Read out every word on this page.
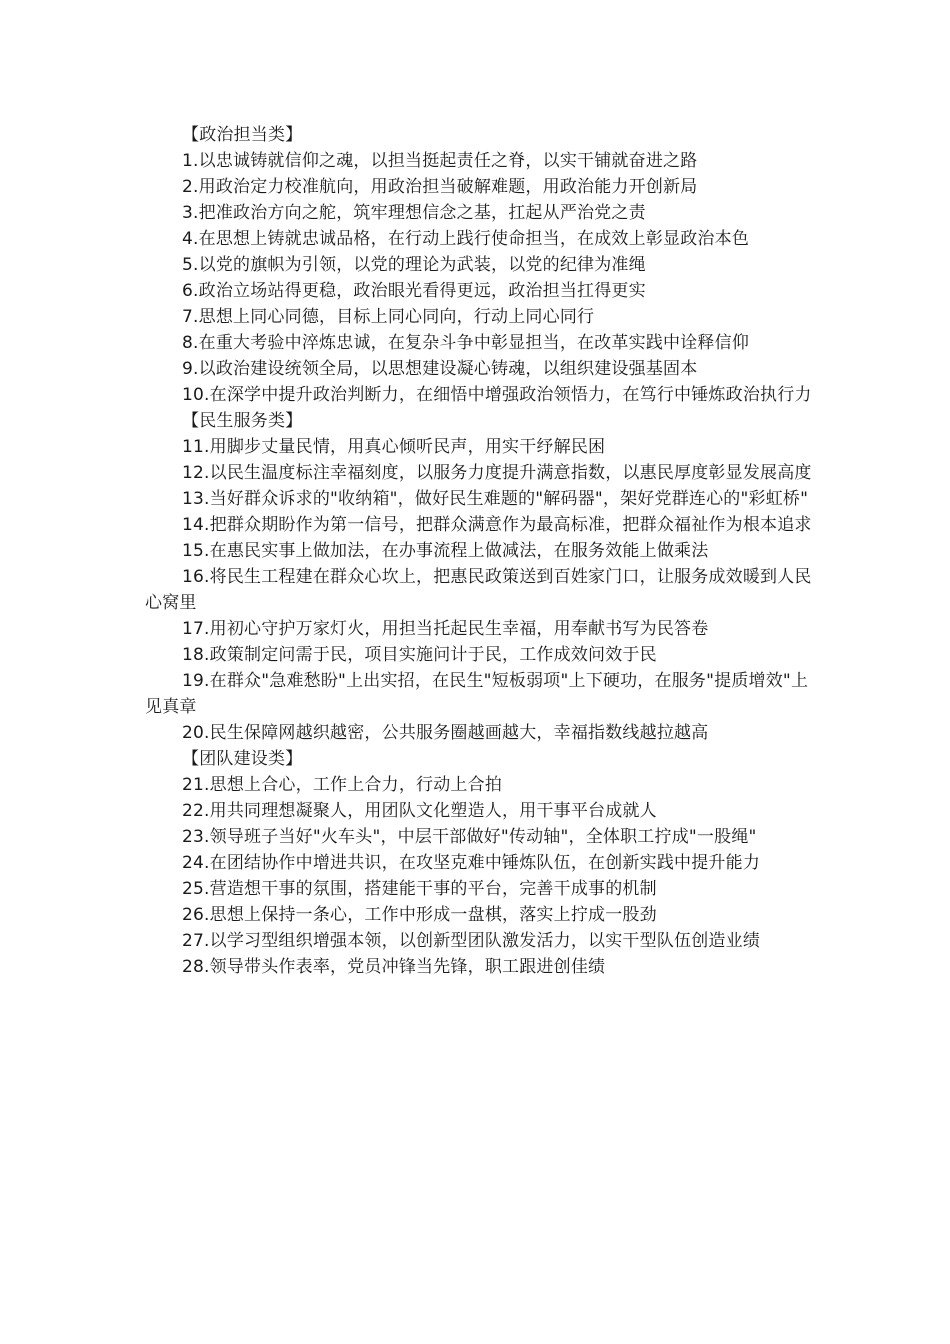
【政治担当类】

1.以忠诚铸就信仰之魂，以担当挺起责任之脊，以实干铺就奋进之路

2.用政治定力校准航向，用政治担当破解难题，用政治能力开创新局

3.把准政治方向之舵，筑牢理想信念之基，扛起从严治党之责

4.在思想上铸就忠诚品格，在行动上践行使命担当，在成效上彰显政治本色

5.以党的旗帜为引领，以党的理论为武装，以党的纪律为准绳

6.政治立场站得更稳，政治眼光看得更远，政治担当扛得更实

7.思想上同心同德，目标上同心同向，行动上同心同行

8.在重大考验中淬炼忠诚，在复杂斗争中彰显担当，在改革实践中诠释信仰

9.以政治建设统领全局，以思想建设凝心铸魂，以组织建设强基固本

10.在深学中提升政治判断力，在细悟中增强政治领悟力，在笃行中锤炼政治执行力

【民生服务类】

11.用脚步丈量民情，用真心倾听民声，用实干纾解民困

12.以民生温度标注幸福刻度，以服务力度提升满意指数，以惠民厚度彰显发展高度

13.当好群众诉求的"收纳箱"，做好民生难题的"解码器"，架好党群连心的"彩虹桥"

14.把群众期盼作为第一信号，把群众满意作为最高标准，把群众福祉作为根本追求

15.在惠民实事上做加法，在办事流程上做减法，在服务效能上做乘法

16.将民生工程建在群众心坎上，把惠民政策送到百姓家门口，让服务成效暖到人民心窝里

17.用初心守护万家灯火，用担当托起民生幸福，用奉献书写为民答卷

18.政策制定问需于民，项目实施问计于民，工作成效问效于民

19.在群众"急难愁盼"上出实招，在民生"短板弱项"上下硬功，在服务"提质增效"上见真章

20.民生保障网越织越密，公共服务圈越画越大，幸福指数线越拉越高

【团队建设类】

21.思想上合心，工作上合力，行动上合拍

22.用共同理想凝聚人，用团队文化塑造人，用干事平台成就人

23.领导班子当好"火车头"，中层干部做好"传动轴"，全体职工拧成"一股绳"

24.在团结协作中增进共识，在攻坚克难中锤炼队伍，在创新实践中提升能力

25.营造想干事的氛围，搭建能干事的平台，完善干成事的机制

26.思想上保持一条心，工作中形成一盘棋，落实上拧成一股劲

27.以学习型组织增强本领，以创新型团队激发活力，以实干型队伍创造业绩

28.领导带头作表率，党员冲锋当先锋，职工跟进创佳绩
